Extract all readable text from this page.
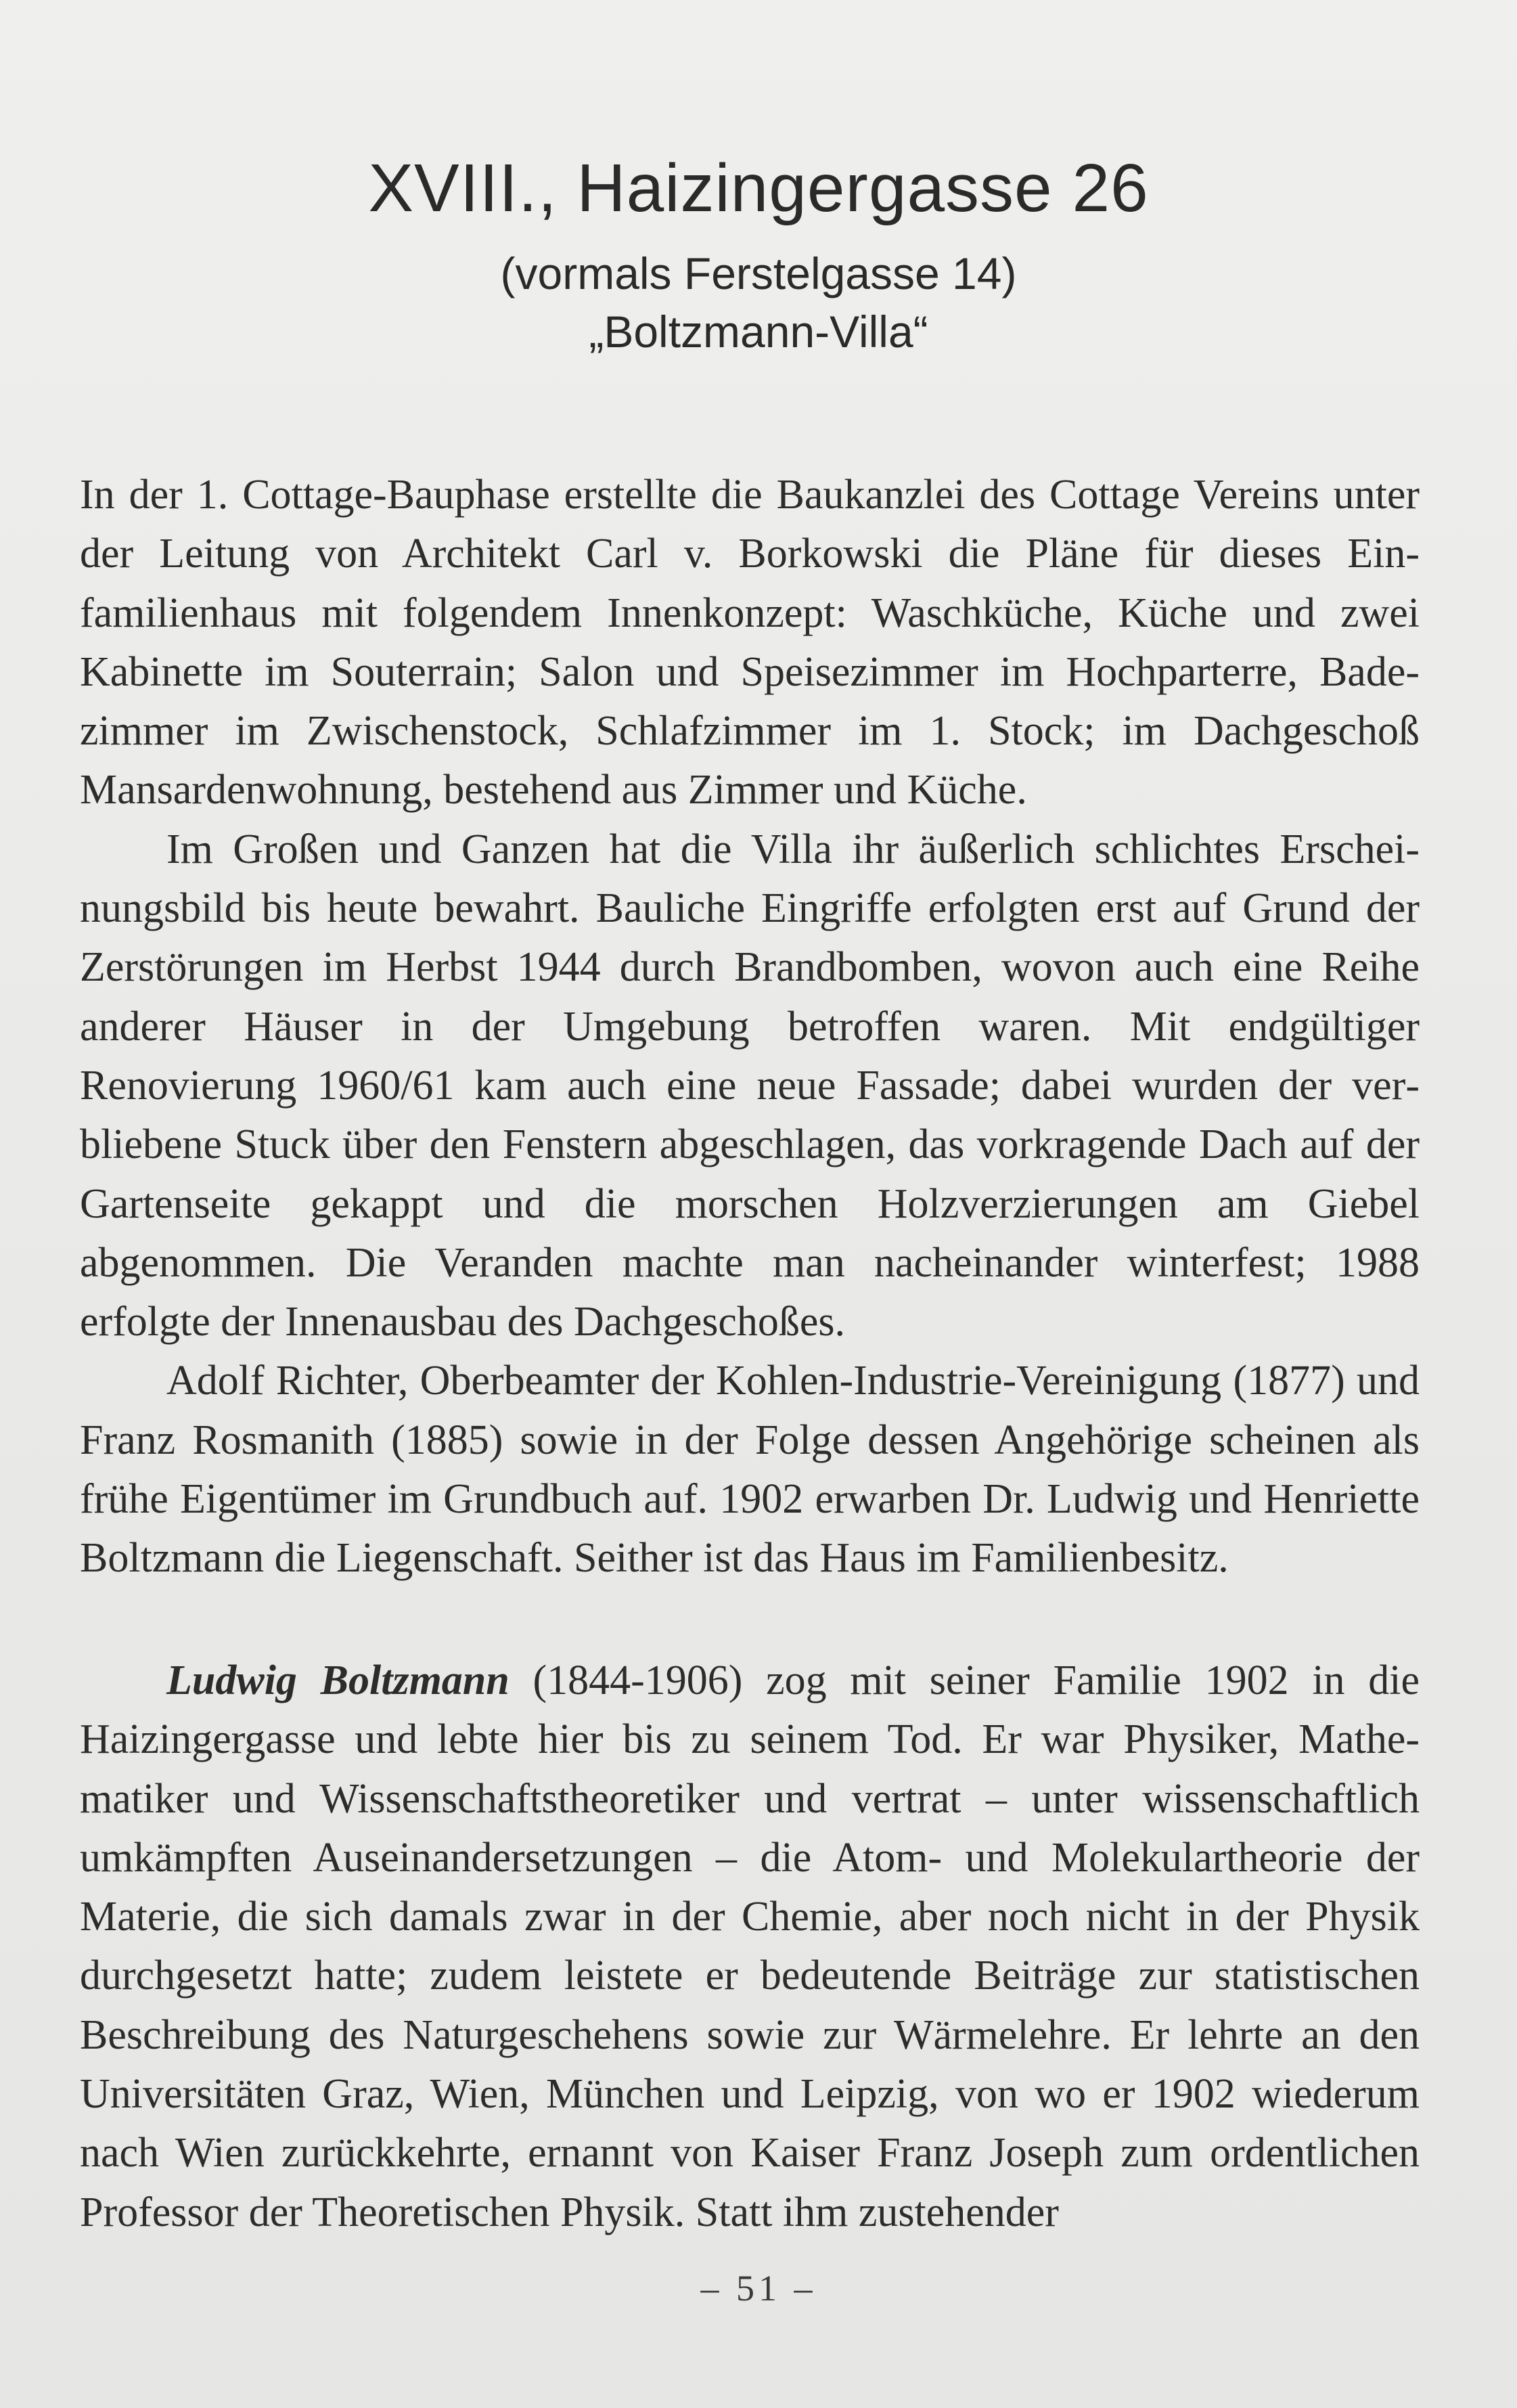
XVIII., Haizingergasse 26
(vormals Ferstelgasse 14)
„Boltzmann-Villa“

In der 1. Cottage-Bauphase erstellte die Baukanzlei des Cottage Vereins unter der Leitung von Architekt Carl v. Borkowski die Pläne für dieses Einfamilienhaus mit folgendem Innenkonzept: Waschküche, Küche und zwei Kabinette im Souterrain; Salon und Speisezimmer im Hochparterre, Badezimmer im Zwischenstock, Schlafzimmer im 1. Stock; im Dachgeschoß Mansardenwohnung, bestehend aus Zimmer und Küche.

Im Großen und Ganzen hat die Villa ihr äußerlich schlichtes Erscheinungsbild bis heute bewahrt. Bauliche Eingriffe erfolgten erst auf Grund der Zerstörungen im Herbst 1944 durch Brandbomben, wovon auch eine Reihe anderer Häuser in der Umgebung betroffen waren. Mit endgültiger Renovierung 1960/61 kam auch eine neue Fassade; dabei wurden der verbliebene Stuck über den Fenstern abgeschlagen, das vorkragende Dach auf der Gartenseite gekappt und die morschen Holzverzierungen am Giebel abgenommen. Die Veranden machte man nacheinander winterfest; 1988 erfolgte der Innenausbau des Dachgeschoßes.

Adolf Richter, Oberbeamter der Kohlen-Industrie-Vereinigung (1877) und Franz Rosmanith (1885) sowie in der Folge dessen Angehörige scheinen als frühe Eigentümer im Grundbuch auf. 1902 erwarben Dr. Ludwig und Henriette Boltzmann die Liegenschaft. Seither ist das Haus im Familienbesitz.

Ludwig Boltzmann (1844-1906) zog mit seiner Familie 1902 in die Haizingergasse und lebte hier bis zu seinem Tod. Er war Physiker, Mathematiker und Wissenschaftstheoretiker und vertrat – unter wissenschaftlich umkämpften Auseinandersetzungen – die Atom- und Molekulartheorie der Materie, die sich damals zwar in der Chemie, aber noch nicht in der Physik durchgesetzt hatte; zudem leistete er bedeutende Beiträge zur statistischen Beschreibung des Naturgeschehens sowie zur Wärmelehre. Er lehrte an den Universitäten Graz, Wien, München und Leipzig, von wo er 1902 wiederum nach Wien zurückkehrte, ernannt von Kaiser Franz Joseph zum ordentlichen Professor der Theoretischen Physik. Statt ihm zustehender

– 51 –
